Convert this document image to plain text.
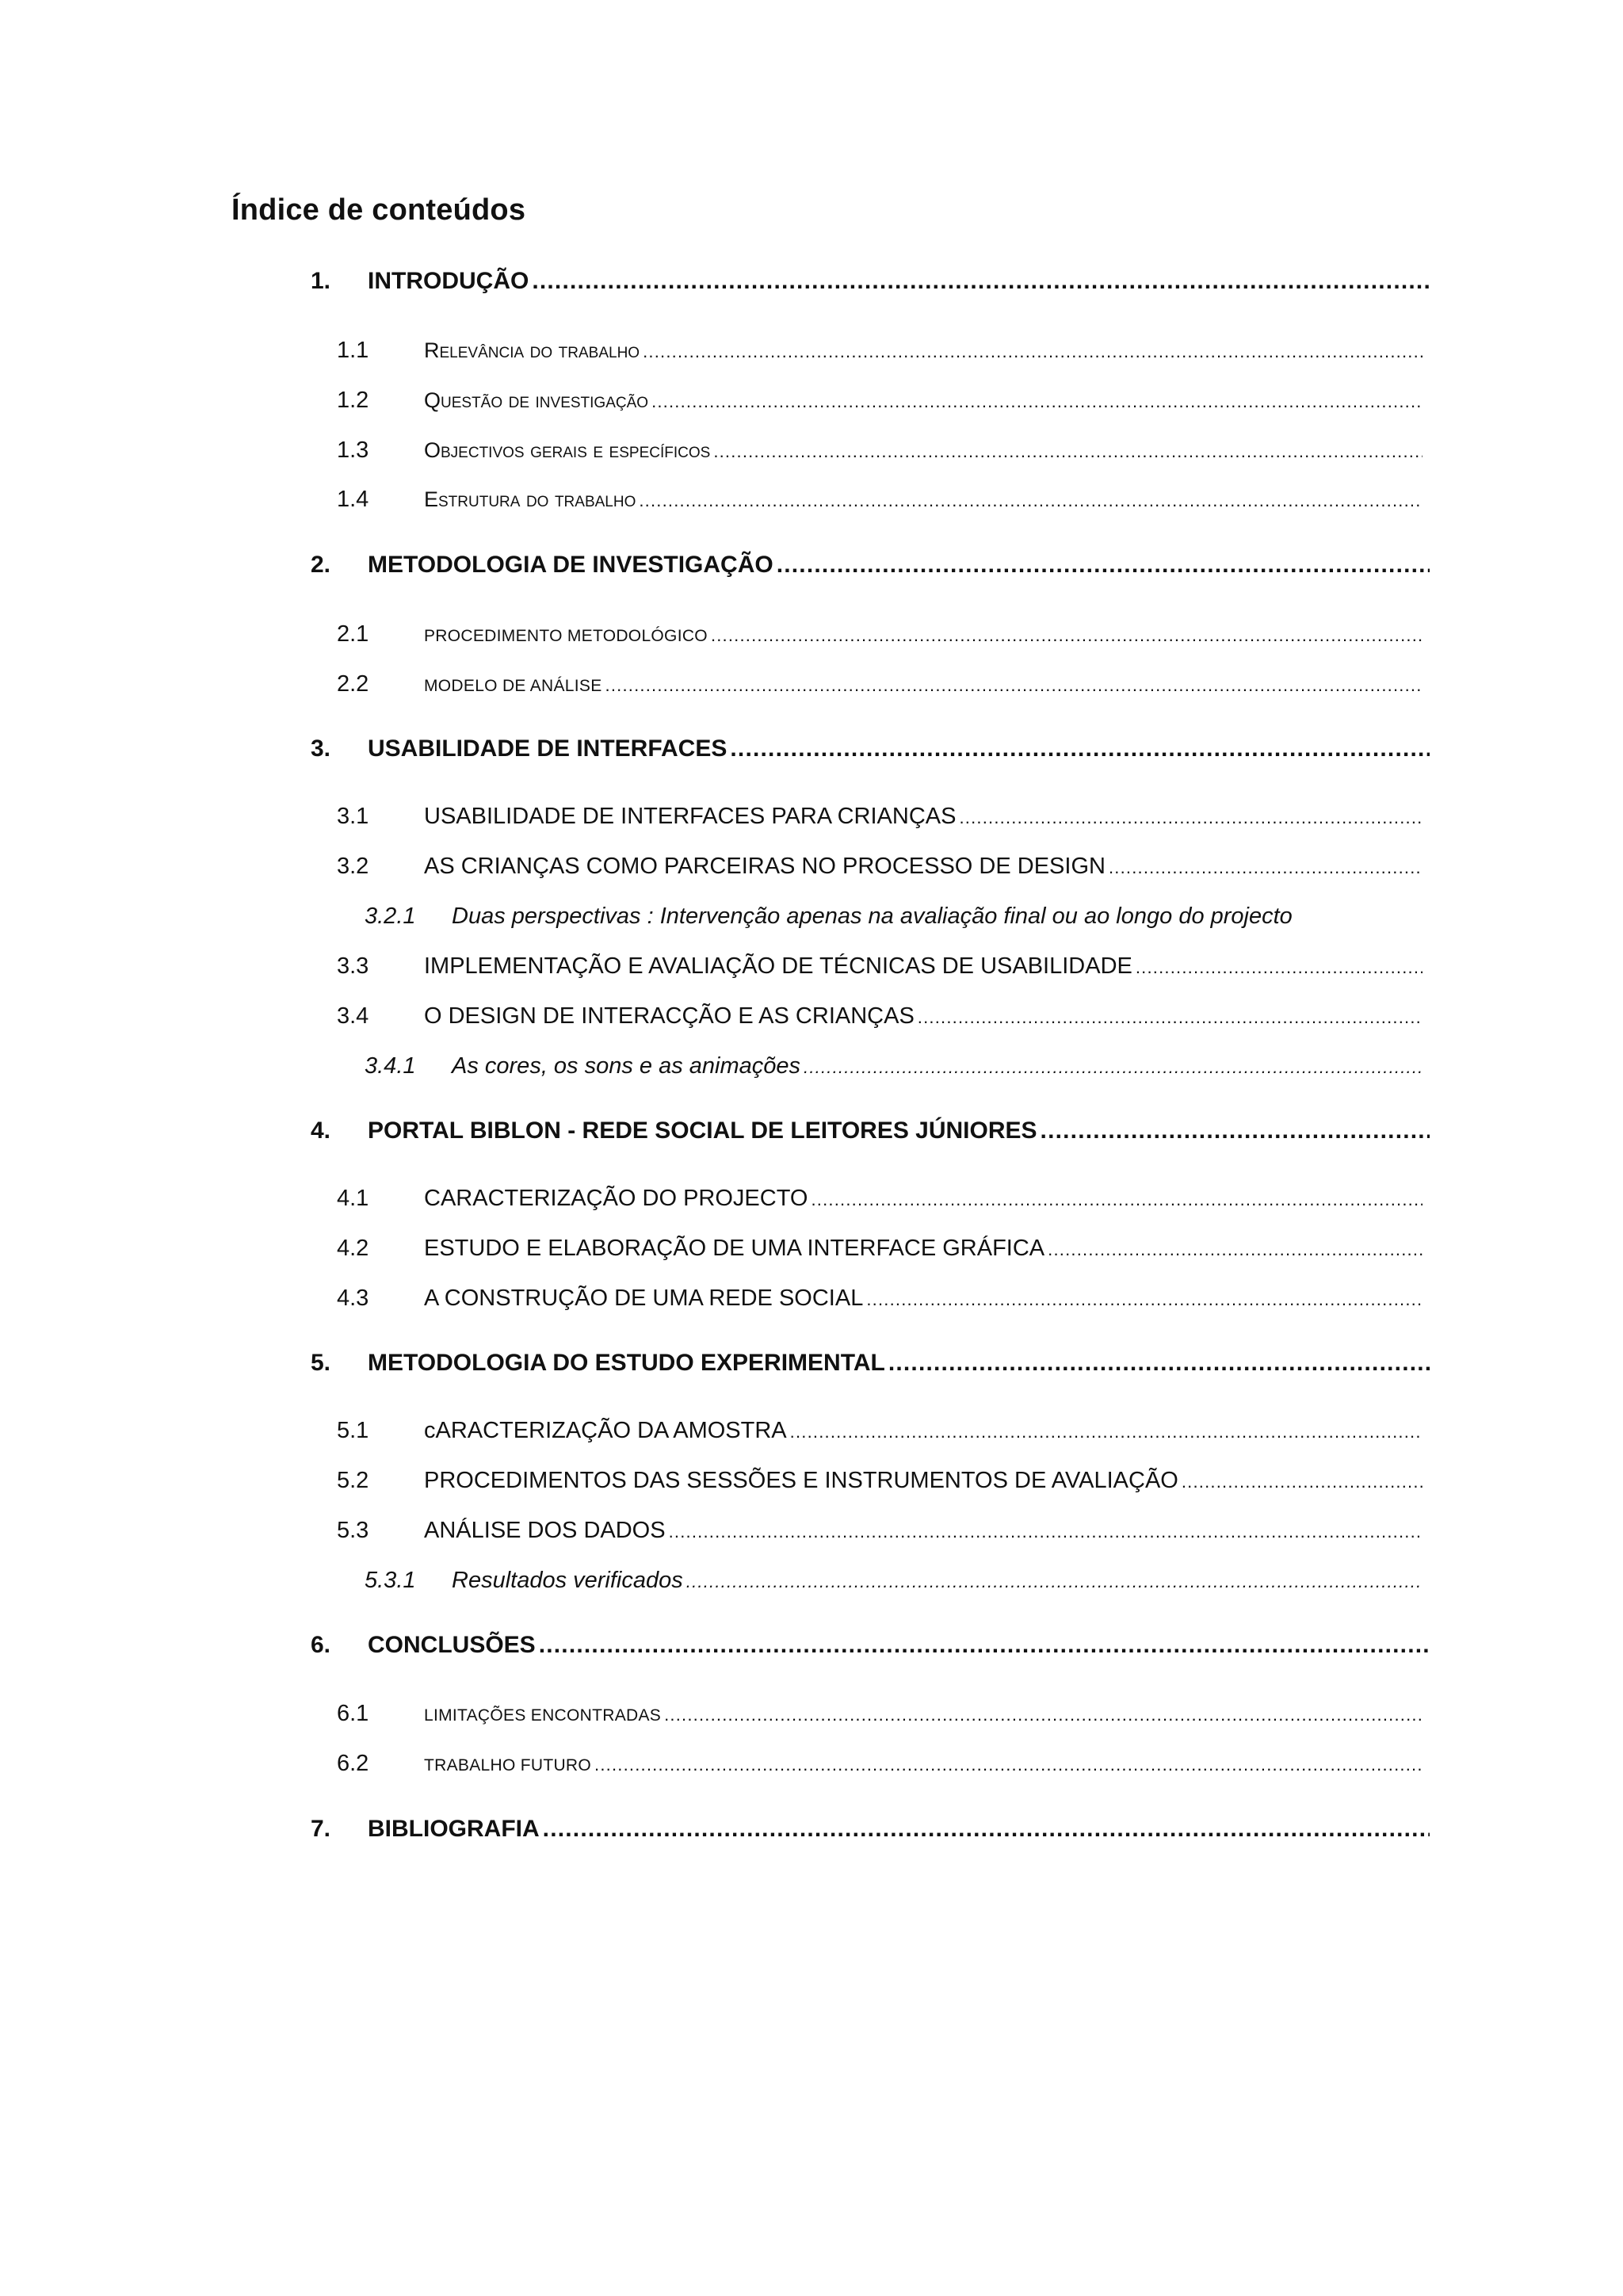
Índice de conteúdos
1.	INTRODUÇÃO
.....
1.1	Relevância do trabalho
.....
1.2	Questão de investigação
.....
1.3	Objectivos gerais e específicos
.....
1.4	Estrutura do trabalho
.....
2.	METODOLOGIA DE INVESTIGAÇÃO
.....
2.1	PROCEDIMENTO METODOLÓGICO
.....
2.2	MODELO DE ANÁLISE
.....
3.	USABILIDADE DE INTERFACES
.....
3.1	USABILIDADE DE INTERFACES PARA CRIANÇAS
.....
3.2	AS CRIANÇAS COMO PARCEIRAS NO PROCESSO DE DESIGN
.....
3.2.1	Duas perspectivas : Intervenção apenas na avaliação final ou ao longo do projecto
3.3	IMPLEMENTAÇÃO E AVALIAÇÃO DE TÉCNICAS DE USABILIDADE
.....
3.4	O DESIGN DE INTERACÇÃO E AS CRIANÇAS
.....
3.4.1	As cores, os sons e as animações
.....
4.	PORTAL BIBLON - REDE SOCIAL DE LEITORES JÚNIORES
.....
4.1	CARACTERIZAÇÃO DO PROJECTO
.....
4.2	ESTUDO E ELABORAÇÃO DE UMA INTERFACE GRÁFICA
.....
4.3	A CONSTRUÇÃO DE UMA REDE SOCIAL
.....
5.	METODOLOGIA DO ESTUDO EXPERIMENTAL
.....
5.1	cARACTERIZAÇÃO DA AMOSTRA
.....
5.2	PROCEDIMENTOS DAS SESSÕES E INSTRUMENTOS DE AVALIAÇÃO
.....
5.3	ANÁLISE DOS DADOS
.....
5.3.1	Resultados verificados
.....
6.	CONCLUSÕES
.....
6.1	LIMITAÇÕES ENCONTRADAS
.....
6.2	TRABALHO FUTURO
.....
7.	BIBLIOGRAFIA
.....
